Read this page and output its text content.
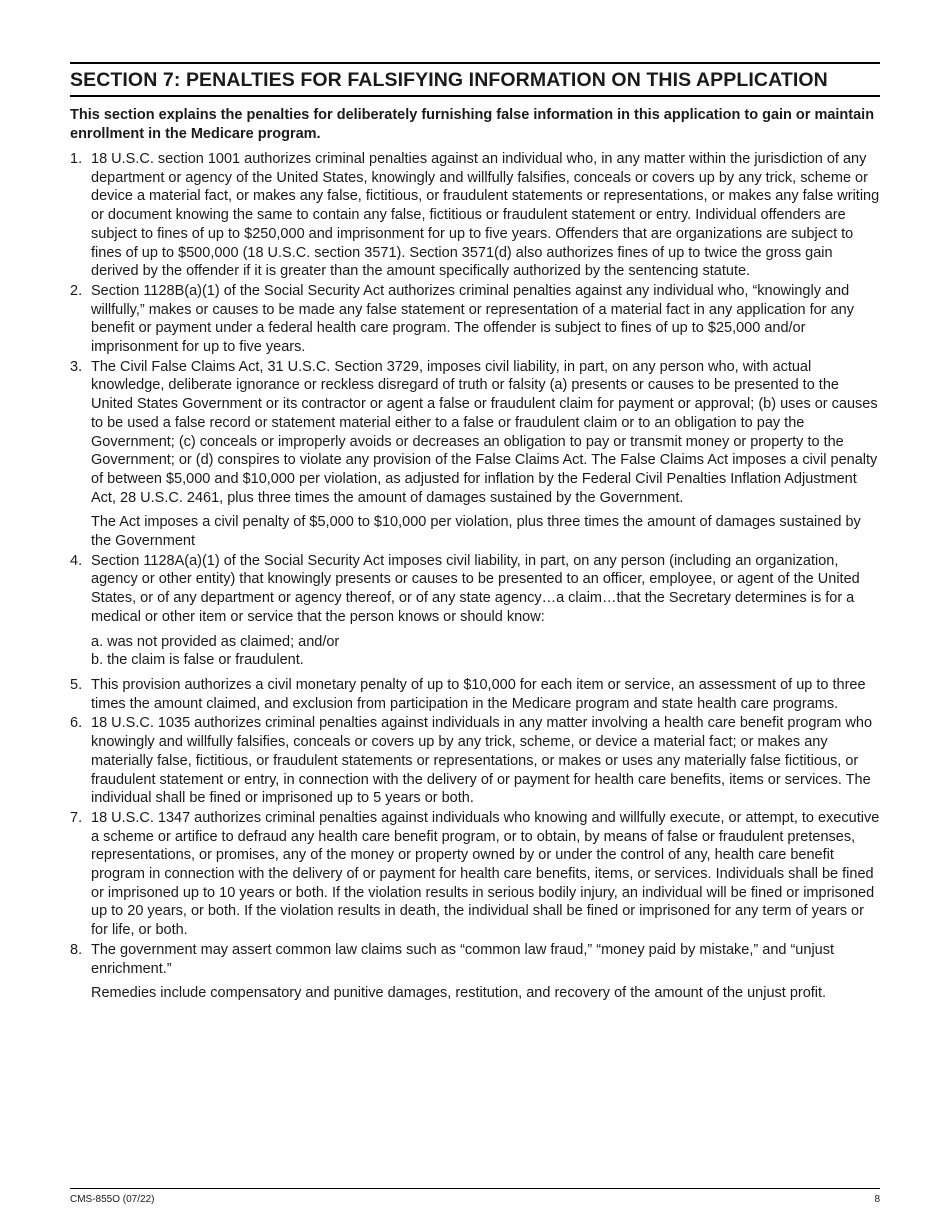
SECTION 7: PENALTIES FOR FALSIFYING INFORMATION ON THIS APPLICATION
This section explains the penalties for deliberately furnishing false information in this application to gain or maintain enrollment in the Medicare program.
1. 18 U.S.C. section 1001 authorizes criminal penalties against an individual who, in any matter within the jurisdiction of any department or agency of the United States, knowingly and willfully falsifies, conceals or covers up by any trick, scheme or device a material fact, or makes any false, fictitious, or fraudulent statements or representations, or makes any false writing or document knowing the same to contain any false, fictitious or fraudulent statement or entry. Individual offenders are subject to fines of up to $250,000 and imprisonment for up to five years. Offenders that are organizations are subject to fines of up to $500,000 (18 U.S.C. section 3571). Section 3571(d) also authorizes fines of up to twice the gross gain derived by the offender if it is greater than the amount specifically authorized by the sentencing statute.

2. Section 1128B(a)(1) of the Social Security Act authorizes criminal penalties against any individual who, “knowingly and willfully,” makes or causes to be made any false statement or representation of a material fact in any application for any benefit or payment under a federal health care program. The offender is subject to fines of up to $25,000 and/or imprisonment for up to five years.

3. The Civil False Claims Act, 31 U.S.C. Section 3729, imposes civil liability, in part, on any person who, with actual knowledge, deliberate ignorance or reckless disregard of truth or falsity (a) presents or causes to be presented to the United States Government or its contractor or agent a false or fraudulent claim for payment or approval; (b) uses or causes to be used a false record or statement material either to a false or fraudulent claim or to an obligation to pay the Government; (c) conceals or improperly avoids or decreases an obligation to pay or transmit money or property to the Government; or (d) conspires to violate any provision of the False Claims Act. The False Claims Act imposes a civil penalty of between $5,000 and $10,000 per violation, as adjusted for inflation by the Federal Civil Penalties Inflation Adjustment Act, 28 U.S.C. 2461, plus three times the amount of damages sustained by the Government.

The Act imposes a civil penalty of $5,000 to $10,000 per violation, plus three times the amount of damages sustained by the Government

4. Section 1128A(a)(1) of the Social Security Act imposes civil liability, in part, on any person (including an organization, agency or other entity) that knowingly presents or causes to be presented to an officer, employee, or agent of the United States, or of any department or agency thereof, or of any state agency…a claim…that the Secretary determines is for a medical or other item or service that the person knows or should know:

a. was not provided as claimed; and/or
b. the claim is false or fraudulent.
5. This provision authorizes a civil monetary penalty of up to $10,000 for each item or service, an assessment of up to three times the amount claimed, and exclusion from participation in the Medicare program and state health care programs.

6. 18 U.S.C. 1035 authorizes criminal penalties against individuals in any matter involving a health care benefit program who knowingly and willfully falsifies, conceals or covers up by any trick, scheme, or device a material fact; or makes any materially false, fictitious, or fraudulent statements or representations, or makes or uses any materially false fictitious, or fraudulent statement or entry, in connection with the delivery of or payment for health care benefits, items or services. The individual shall be fined or imprisoned up to 5 years or both.

7. 18 U.S.C. 1347 authorizes criminal penalties against individuals who knowing and willfully execute, or attempt, to executive a scheme or artifice to defraud any health care benefit program, or to obtain, by means of false or fraudulent pretenses, representations, or promises, any of the money or property owned by or under the control of any, health care benefit program in connection with the delivery of or payment for health care benefits, items, or services. Individuals shall be fined or imprisoned up to 10 years or both. If the violation results in serious bodily injury, an individual will be fined or imprisoned up to 20 years, or both. If the violation results in death, the individual shall be fined or imprisoned for any term of years or for life, or both.

8. The government may assert common law claims such as “common law fraud,” “money paid by mistake,” and “unjust enrichment.”

Remedies include compensatory and punitive damages, restitution, and recovery of the amount of the unjust profit.

CMS-855O (07/22)	8
